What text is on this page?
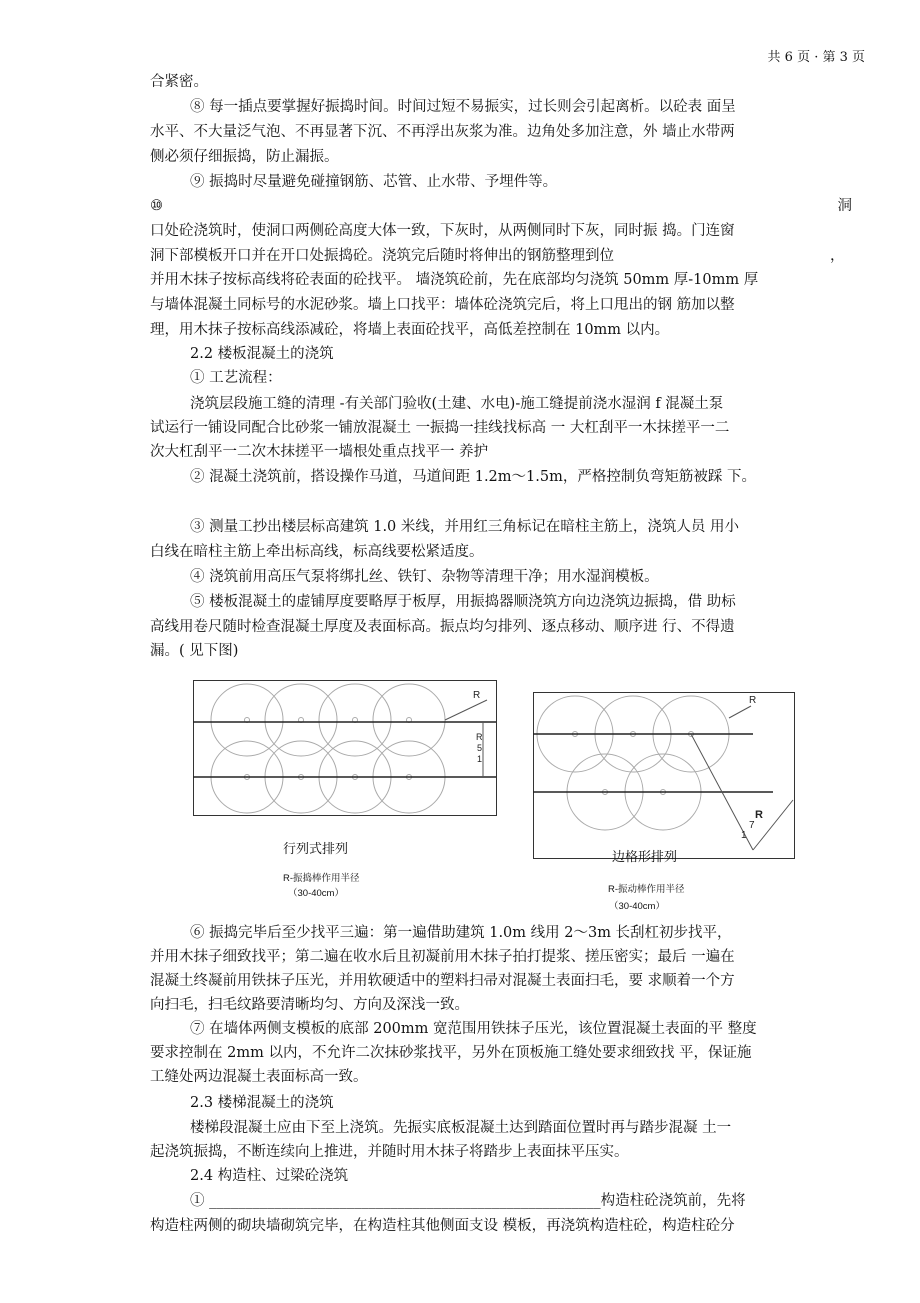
共 6 页 · 第 3 页
合紧密。
⑧ 每一插点要掌握好振捣时间。时间过短不易振实，过长则会引起离析。以砼表 面呈
水平、不大量泛气泡、不再显著下沉、不再浮出灰浆为准。边角处多加注意，外 墙止水带两
侧必须仔细振捣，防止漏振。
⑨ 振捣时尽量避免碰撞钢筋、芯管、止水带、予埋件等。
⑩	洞
口处砼浇筑时，使洞口两侧砼高度大体一致，下灰时，从两侧同时下灰，同时振 捣。门连窗
洞下部模板开口并在开口处振捣砼。浇筑完后随时将伸出的钢筋整理到位	，
并用木抹子按标高线将砼表面的砼找平。 墙浇筑砼前，先在底部均匀浇筑 50mm 厚-10mm 厚
与墙体混凝土同标号的水泥砂浆。墙上口找平：墙体砼浇筑完后，将上口甩出的钢 筋加以整
理，用木抹子按标高线添减砼，将墙上表面砼找平，高低差控制在 10mm 以内。
2.2 楼板混凝土的浇筑
① 工艺流程：
浇筑层段施工缝的清理 -有关部门验收(土建、水电)-施工缝提前浇水湿润 f 混凝土泵
试运行一铺设同配合比砂浆一铺放混凝土 一振捣一挂线找标高 一 大杠刮平一木抹搓平一二
次大杠刮平一二次木抹搓平一墙根处重点找平一 养护
② 混凝土浇筑前，搭设操作马道，马道间距 1.2m～1.5m，严格控制负弯矩筋被踩 下。
③ 测量工抄出楼层标高建筑 1.0 米线，并用红三角标记在暗柱主筋上，浇筑人员 用小
白线在暗柱主筋上牵出标高线，标高线要松紧适度。
④ 浇筑前用高压气泵将绑扎丝、铁钉、杂物等清理干净；用水湿润模板。
⑤ 楼板混凝土的虚铺厚度要略厚于板厚，用振捣器顺浇筑方向边浇筑边振捣，借 助标
高线用卷尺随时检查混凝土厚度及表面标高。振点均匀排列、逐点移动、顺序进 行、不得遗
漏。( 见下图)
R
R
5
1
行列式排列
R-振捣棒作用半径
（30-40cm）
R
R
7
1
边格形排列
R-振动棒作用半径
（30-40cm）
⑥ 振捣完毕后至少找平三遍：第一遍借助建筑 1.0m 线用 2～3m 长刮杠初步找平，
并用木抹子细致找平；第二遍在收水后且初凝前用木抹子拍打提浆、搓压密实；最后 一遍在
混凝土终凝前用铁抹子压光，并用软硬适中的塑料扫帚对混凝土表面扫毛，要 求顺着一个方
向扫毛，扫毛纹路要清晰均匀、方向及深浅一致。
⑦ 在墙体两侧支模板的底部 200mm 宽范围用铁抹子压光，该位置混凝土表面的平 整度
要求控制在 2mm 以内，不允许二次抹砂浆找平，另外在顶板施工缝处要求细致找 平，保证施
工缝处两边混凝土表面标高一致。
2.3 楼梯混凝土的浇筑
楼梯段混凝土应由下至上浇筑。先振实底板混凝土达到踏面位置时再与踏步混凝 土一
起浇筑振捣，不断连续向上推进，并随时用木抹子将踏步上表面抹平压实。
2.4 构造柱、过梁砼浇筑
① ______________________________________________________构造柱砼浇筑前，先将
构造柱两侧的砌块墙砌筑完毕，在构造柱其他侧面支设 模板，再浇筑构造柱砼，构造柱砼分
